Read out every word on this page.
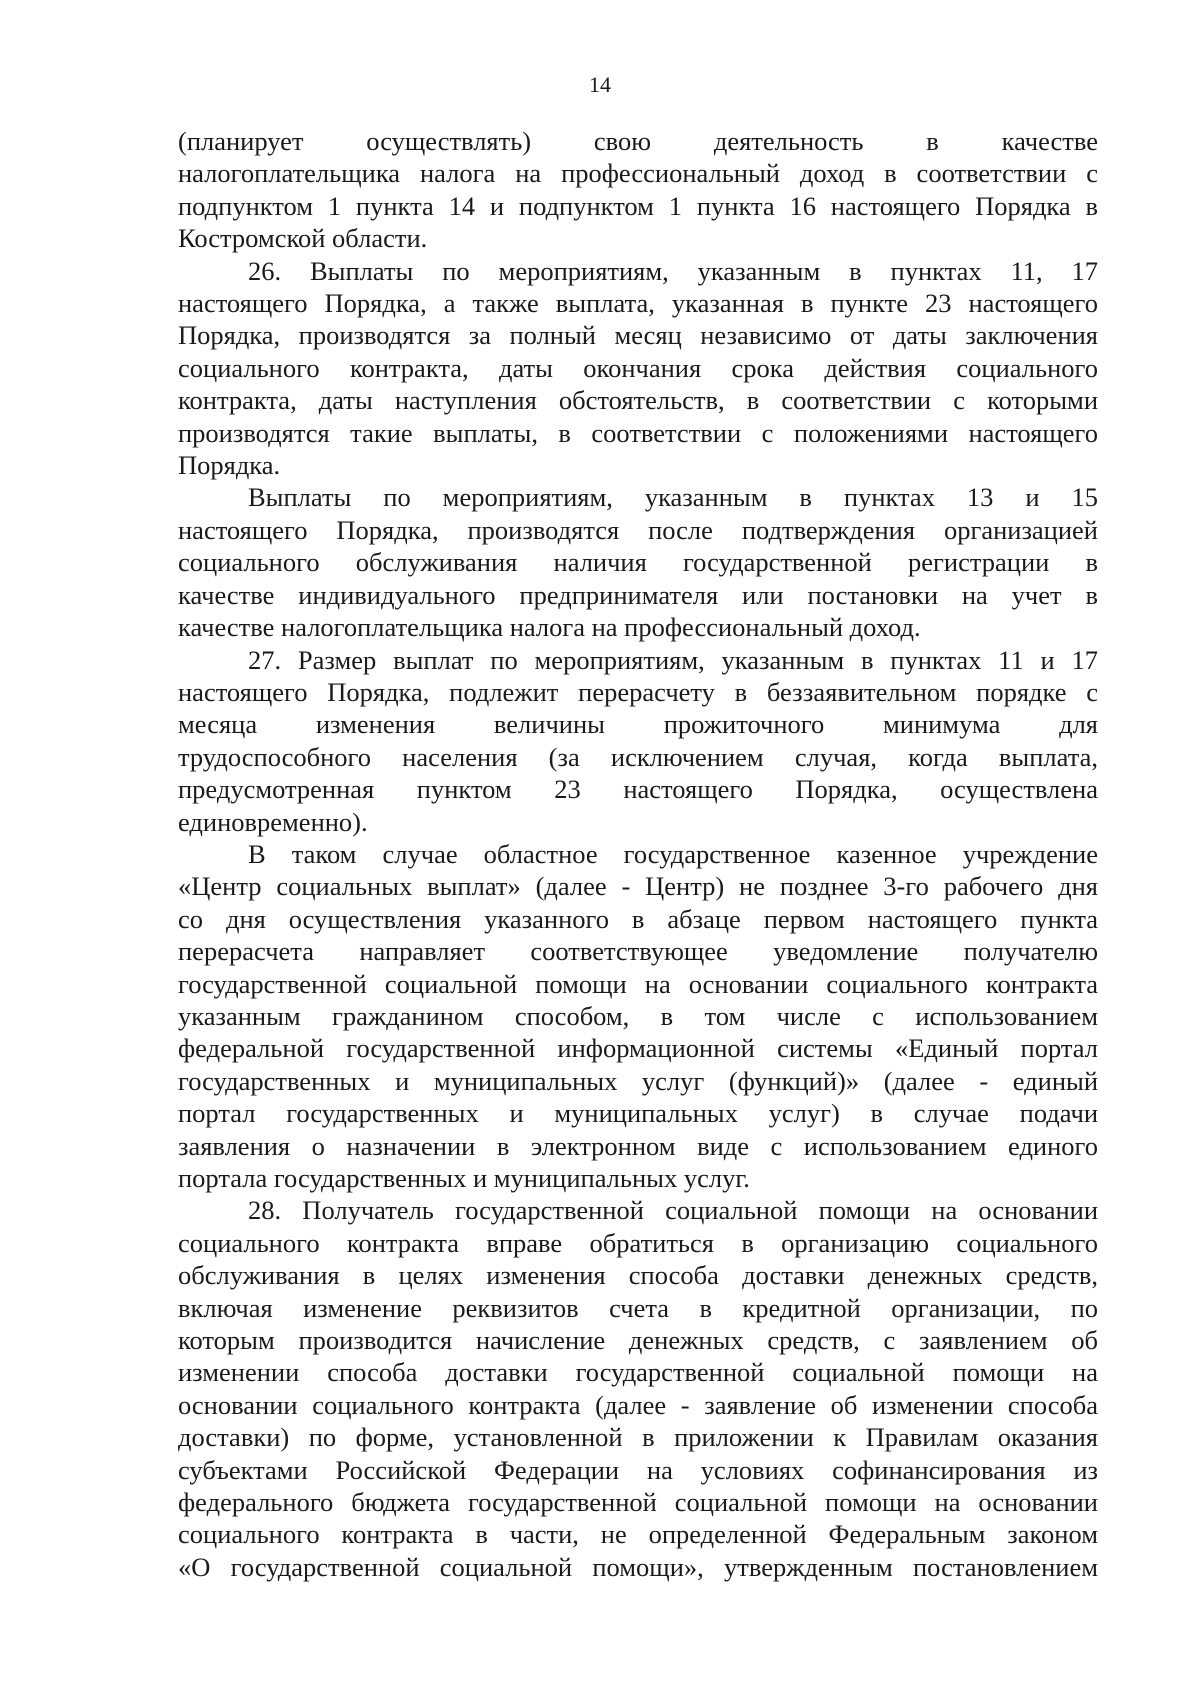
14
(планирует осуществлять) свою деятельность в качестве
налогоплательщика налога на профессиональный доход в соответствии с
подпунктом 1 пункта 14 и подпунктом 1 пункта 16 настоящего Порядка в
Костромской области.
26. Выплаты по мероприятиям, указанным в пунктах 11, 17
настоящего Порядка, а также выплата, указанная в пункте 23 настоящего
Порядка, производятся за полный месяц независимо от даты заключения
социального контракта, даты окончания срока действия социального
контракта, даты наступления обстоятельств, в соответствии с которыми
производятся такие выплаты, в соответствии с положениями настоящего
Порядка.
Выплаты по мероприятиям, указанным в пунктах 13 и 15
настоящего Порядка, производятся после подтверждения организацией
социального обслуживания наличия государственной регистрации в
качестве индивидуального предпринимателя или постановки на учет в
качестве налогоплательщика налога на профессиональный доход.
27. Размер выплат по мероприятиям, указанным в пунктах 11 и 17
настоящего Порядка, подлежит перерасчету в беззаявительном порядке с
месяца изменения величины прожиточного минимума для
трудоспособного населения (за исключением случая, когда выплата,
предусмотренная пунктом 23 настоящего Порядка, осуществлена
единовременно).
В таком случае областное государственное казенное учреждение
«Центр социальных выплат» (далее - Центр) не позднее 3-го рабочего дня
со дня осуществления указанного в абзаце первом настоящего пункта
перерасчета направляет соответствующее уведомление получателю
государственной социальной помощи на основании социального контракта
указанным гражданином способом, в том числе с использованием
федеральной государственной информационной системы «Единый портал
государственных и муниципальных услуг (функций)» (далее - единый
портал государственных и муниципальных услуг) в случае подачи
заявления о назначении в электронном виде с использованием единого
портала государственных и муниципальных услуг.
28. Получатель государственной социальной помощи на основании
социального контракта вправе обратиться в организацию социального
обслуживания в целях изменения способа доставки денежных средств,
включая изменение реквизитов счета в кредитной организации, по
которым производится начисление денежных средств, с заявлением об
изменении способа доставки государственной социальной помощи на
основании социального контракта (далее - заявление об изменении способа
доставки) по форме, установленной в приложении к Правилам оказания
субъектами Российской Федерации на условиях софинансирования из
федерального бюджета государственной социальной помощи на основании
социального контракта в части, не определенной Федеральным законом
«О государственной социальной помощи», утвержденным постановлением
